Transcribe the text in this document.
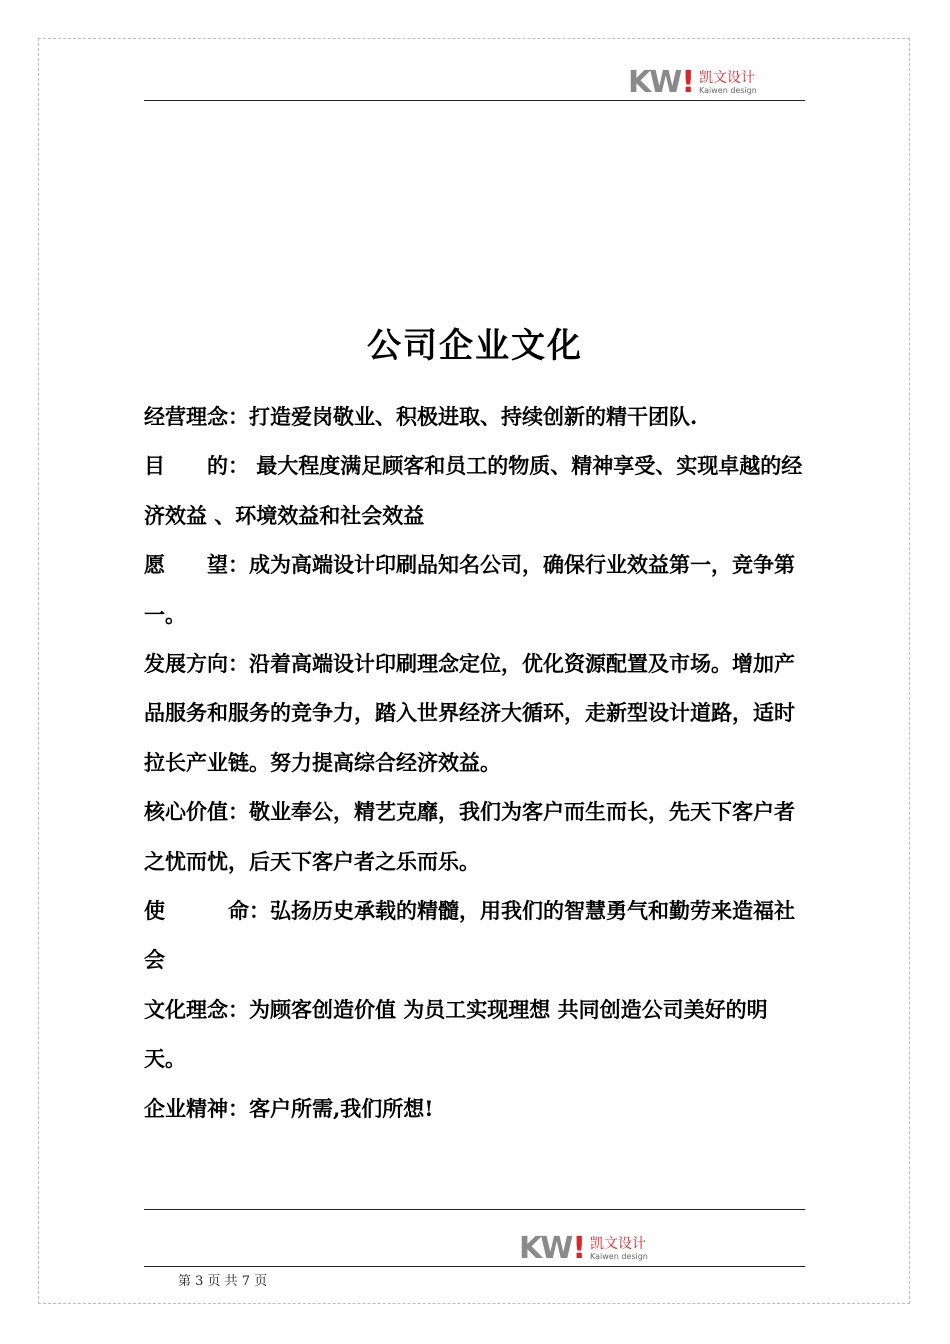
KW! 凯文设计
Kaiwen design
公司企业文化

经营理念：打造爱岗敬业、积极进取、持续创新的精干团队.

目　　的： 最大程度满足顾客和员工的物质、精神享受、实现卓越的经济效益 、环境效益和社会效益

愿　　望：成为高端设计印刷品知名公司，确保行业效益第一，竞争第一。

发展方向：沿着高端设计印刷理念定位，优化资源配置及市场。增加产品服务和服务的竞争力，踏入世界经济大循环，走新型设计道路，适时拉长产业链。努力提高综合经济效益。

核心价值：敬业奉公，精艺克靡，我们为客户而生而长，先天下客户者之忧而忧，后天下客户者之乐而乐。

使　　　命：弘扬历史承载的精髓，用我们的智慧勇气和勤劳来造福社会

文化理念：为顾客创造价值 为员工实现理想 共同创造公司美好的明天。

企业精神：客户所需,我们所想!

KW! 凯文设计
Kaiwen design
第 3 页 共 7 页
